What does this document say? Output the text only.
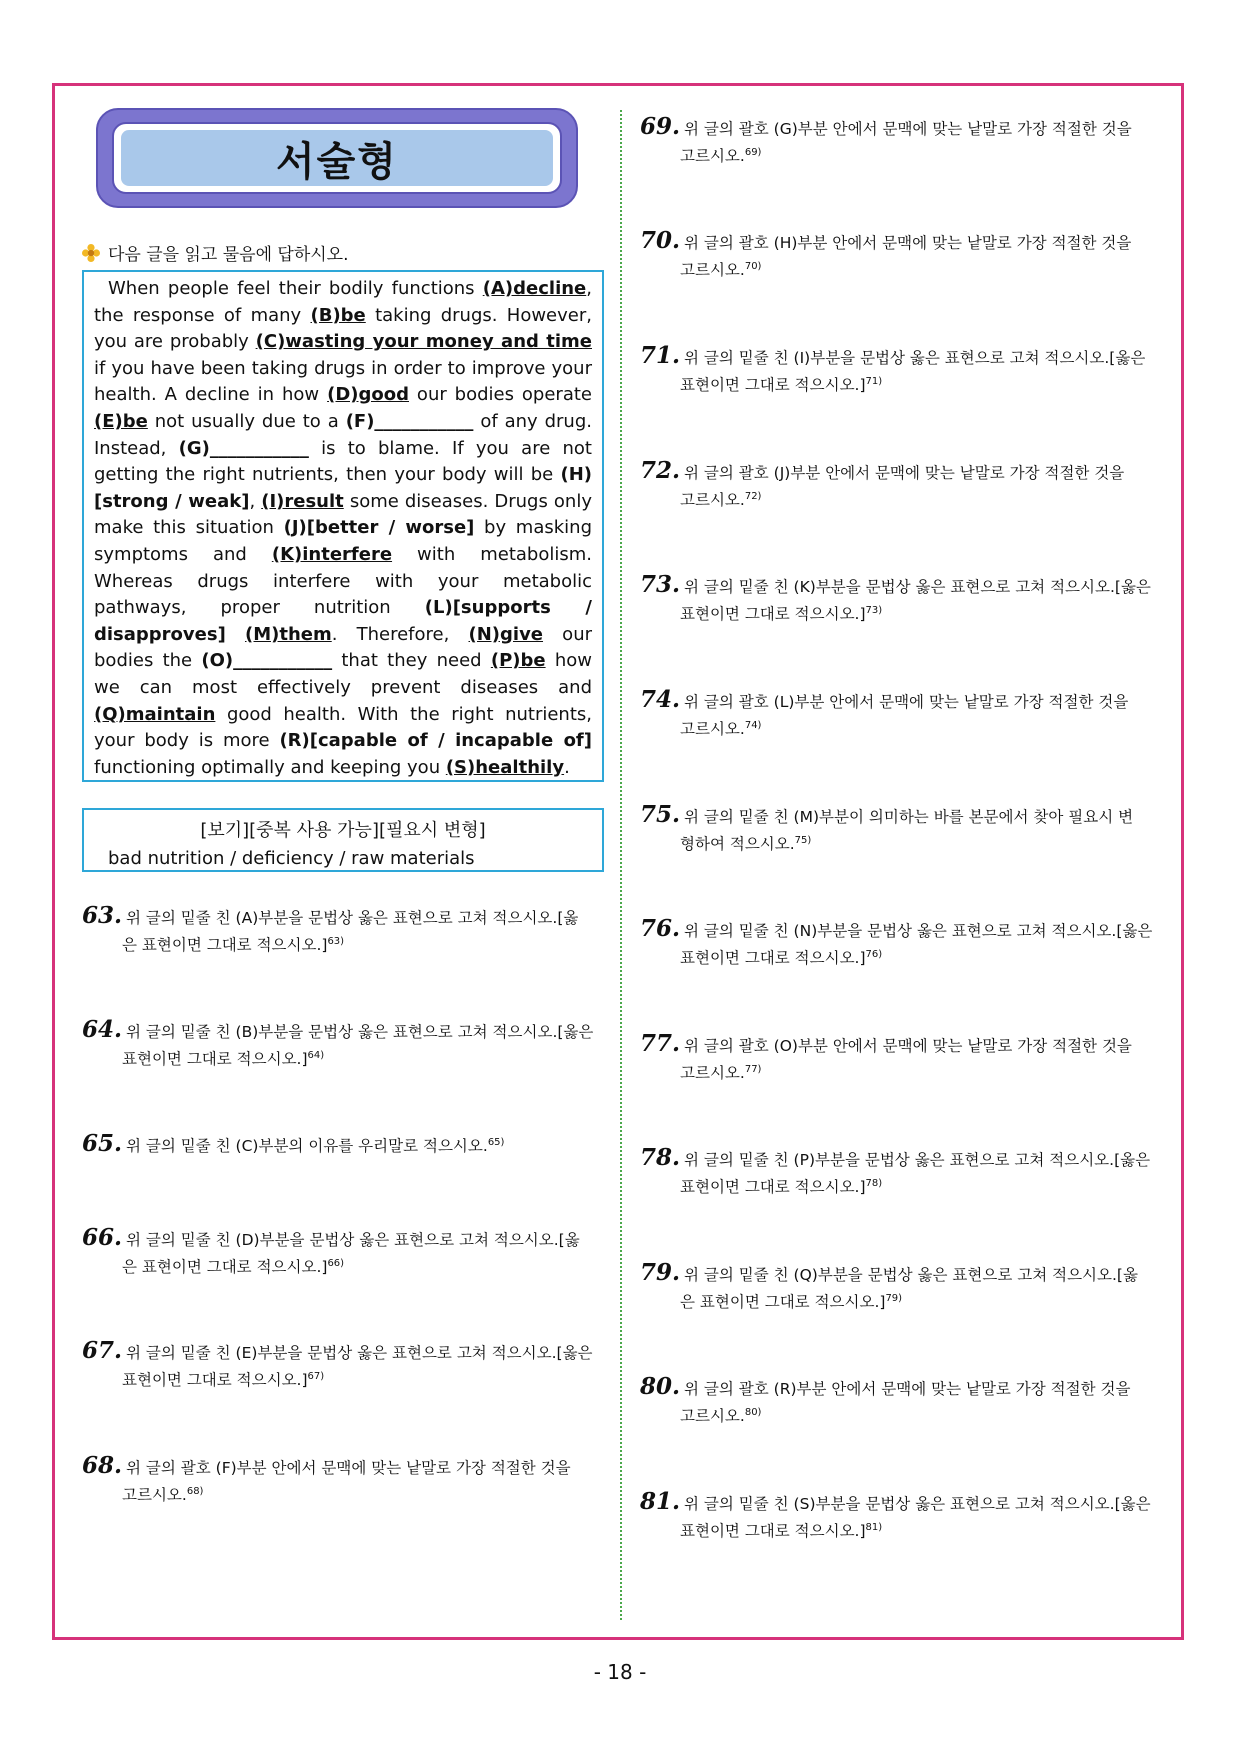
서술형
다음 글을 읽고 물음에 답하시오.
When people feel their bodily functions (A)decline, the response of many (B)be taking drugs. However, you are probably (C)wasting your money and time if you have been taking drugs in order to improve your health. A decline in how (D)good our bodies operate (E)be not usually due to a (F)___________ of any drug. Instead, (G)___________ is to blame. If you are not getting the right nutrients, then your body will be (H)[strong / weak], (I)result some diseases. Drugs only make this situation (J)[better / worse] by masking symptoms and (K)interfere with metabolism. Whereas drugs interfere with your metabolic pathways, proper nutrition (L)[supports / disapproves] (M)them. Therefore, (N)give our bodies the (O)___________ that they need (P)be how we can most effectively prevent diseases and (Q)maintain good health. With the right nutrients, your body is more (R)[capable of / incapable of] functioning optimally and keeping you (S)healthily.
[보기][중복 사용 가능][필요시 변형]
bad nutrition / deficiency / raw materials
63. 위 글의 밑줄 친 (A)부분을 문법상 옳은 표현으로 고쳐 적으시오.[옳
은 표현이면 그대로 적으시오.]$^{63)}$
64. 위 글의 밑줄 친 (B)부분을 문법상 옳은 표현으로 고쳐 적으시오.[옳은
표현이면 그대로 적으시오.]$^{64)}$
65. 위 글의 밑줄 친 (C)부분의 이유를 우리말로 적으시오.$^{65)}$
66. 위 글의 밑줄 친 (D)부분을 문법상 옳은 표현으로 고쳐 적으시오.[옳
은 표현이면 그대로 적으시오.]$^{66)}$
67. 위 글의 밑줄 친 (E)부분을 문법상 옳은 표현으로 고쳐 적으시오.[옳은
표현이면 그대로 적으시오.]$^{67)}$
68. 위 글의 괄호 (F)부분 안에서 문맥에 맞는 낱말로 가장 적절한 것을
고르시오.$^{68)}$
69. 위 글의 괄호 (G)부분 안에서 문맥에 맞는 낱말로 가장 적절한 것을
고르시오.$^{69)}$
70. 위 글의 괄호 (H)부분 안에서 문맥에 맞는 낱말로 가장 적절한 것을
고르시오.$^{70)}$
71. 위 글의 밑줄 친 (I)부분을 문법상 옳은 표현으로 고쳐 적으시오.[옳은
표현이면 그대로 적으시오.]$^{71)}$
72. 위 글의 괄호 (J)부분 안에서 문맥에 맞는 낱말로 가장 적절한 것을
고르시오.$^{72)}$
73. 위 글의 밑줄 친 (K)부분을 문법상 옳은 표현으로 고쳐 적으시오.[옳은
표현이면 그대로 적으시오.]$^{73)}$
74. 위 글의 괄호 (L)부분 안에서 문맥에 맞는 낱말로 가장 적절한 것을
고르시오.$^{74)}$
75. 위 글의 밑줄 친 (M)부분이 의미하는 바를 본문에서 찾아 필요시 변
형하여 적으시오.$^{75)}$
76. 위 글의 밑줄 친 (N)부분을 문법상 옳은 표현으로 고쳐 적으시오.[옳은
표현이면 그대로 적으시오.]$^{76)}$
77. 위 글의 괄호 (O)부분 안에서 문맥에 맞는 낱말로 가장 적절한 것을
고르시오.$^{77)}$
78. 위 글의 밑줄 친 (P)부분을 문법상 옳은 표현으로 고쳐 적으시오.[옳은
표현이면 그대로 적으시오.]$^{78)}$
79. 위 글의 밑줄 친 (Q)부분을 문법상 옳은 표현으로 고쳐 적으시오.[옳
은 표현이면 그대로 적으시오.]$^{79)}$
80. 위 글의 괄호 (R)부분 안에서 문맥에 맞는 낱말로 가장 적절한 것을
고르시오.$^{80)}$
81. 위 글의 밑줄 친 (S)부분을 문법상 옳은 표현으로 고쳐 적으시오.[옳은
표현이면 그대로 적으시오.]$^{81)}$
- 18 -
